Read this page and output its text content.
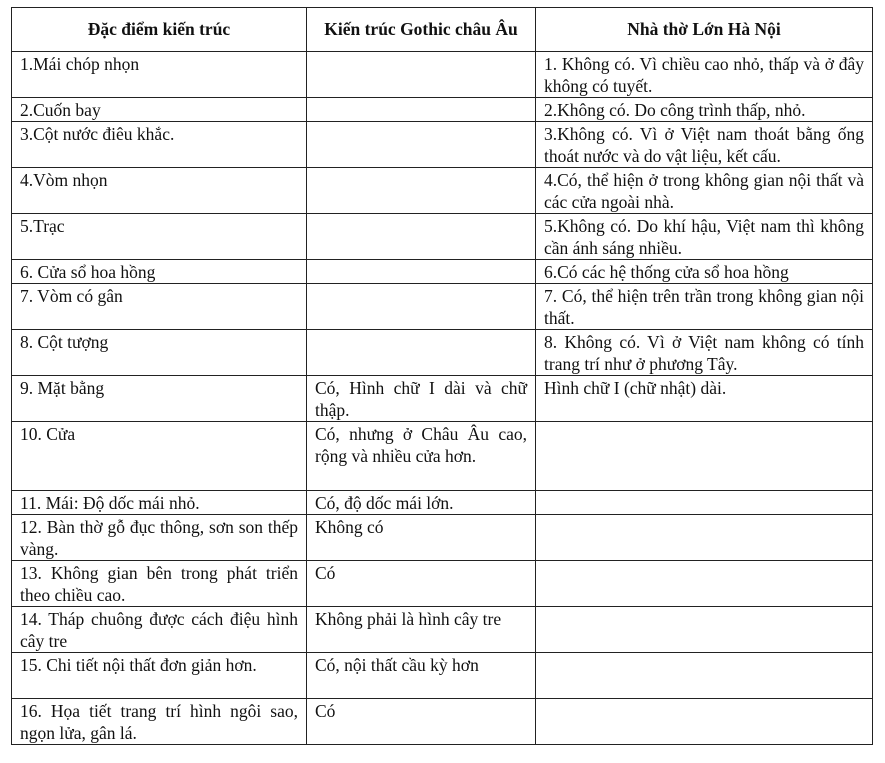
Đặc điểm kiến trúc	Kiến trúc Gothic châu Âu	Nhà thờ Lớn Hà Nội
1.Mái chóp nhọn		1. Không có. Vì chiều cao nhỏ, thấp và ở đây không có tuyết.
2.Cuốn bay		2.Không có. Do công trình thấp, nhỏ.
3.Cột nước điêu khắc.		3.Không có. Vì ở Việt nam thoát bằng ống thoát nước và do vật liệu, kết cấu.
4.Vòm nhọn		4.Có, thể hiện ở trong không gian nội thất và các cửa ngoài nhà.
5.Trạc		5.Không có. Do khí hậu, Việt nam thì không cần ánh sáng nhiều.
6. Cửa sổ hoa hồng		6.Có các hệ thống cửa sổ hoa hồng
7. Vòm có gân		7. Có, thể hiện trên trần trong không gian nội thất.
8. Cột tượng		8. Không có. Vì ở Việt nam không có tính trang trí như ở phương Tây.
9. Mặt bằng	Có, Hình chữ I dài và chữ thập.	Hình chữ I (chữ nhật) dài.
10. Cửa	Có, nhưng ở Châu Âu cao, rộng và nhiều cửa hơn.	
11. Mái: Độ dốc mái nhỏ.	Có, độ dốc mái lớn.	
12. Bàn thờ gỗ đục thông, sơn son thếp vàng.	Không có	
13. Không gian bên trong phát triển theo chiều cao.	Có	
14. Tháp chuông được cách điệu hình cây tre	Không phải là hình cây tre	
15. Chi tiết nội thất đơn giản hơn.	Có, nội thất cầu kỳ hơn	
16. Họa tiết trang trí hình ngôi sao, ngọn lửa, gân lá.	Có	
